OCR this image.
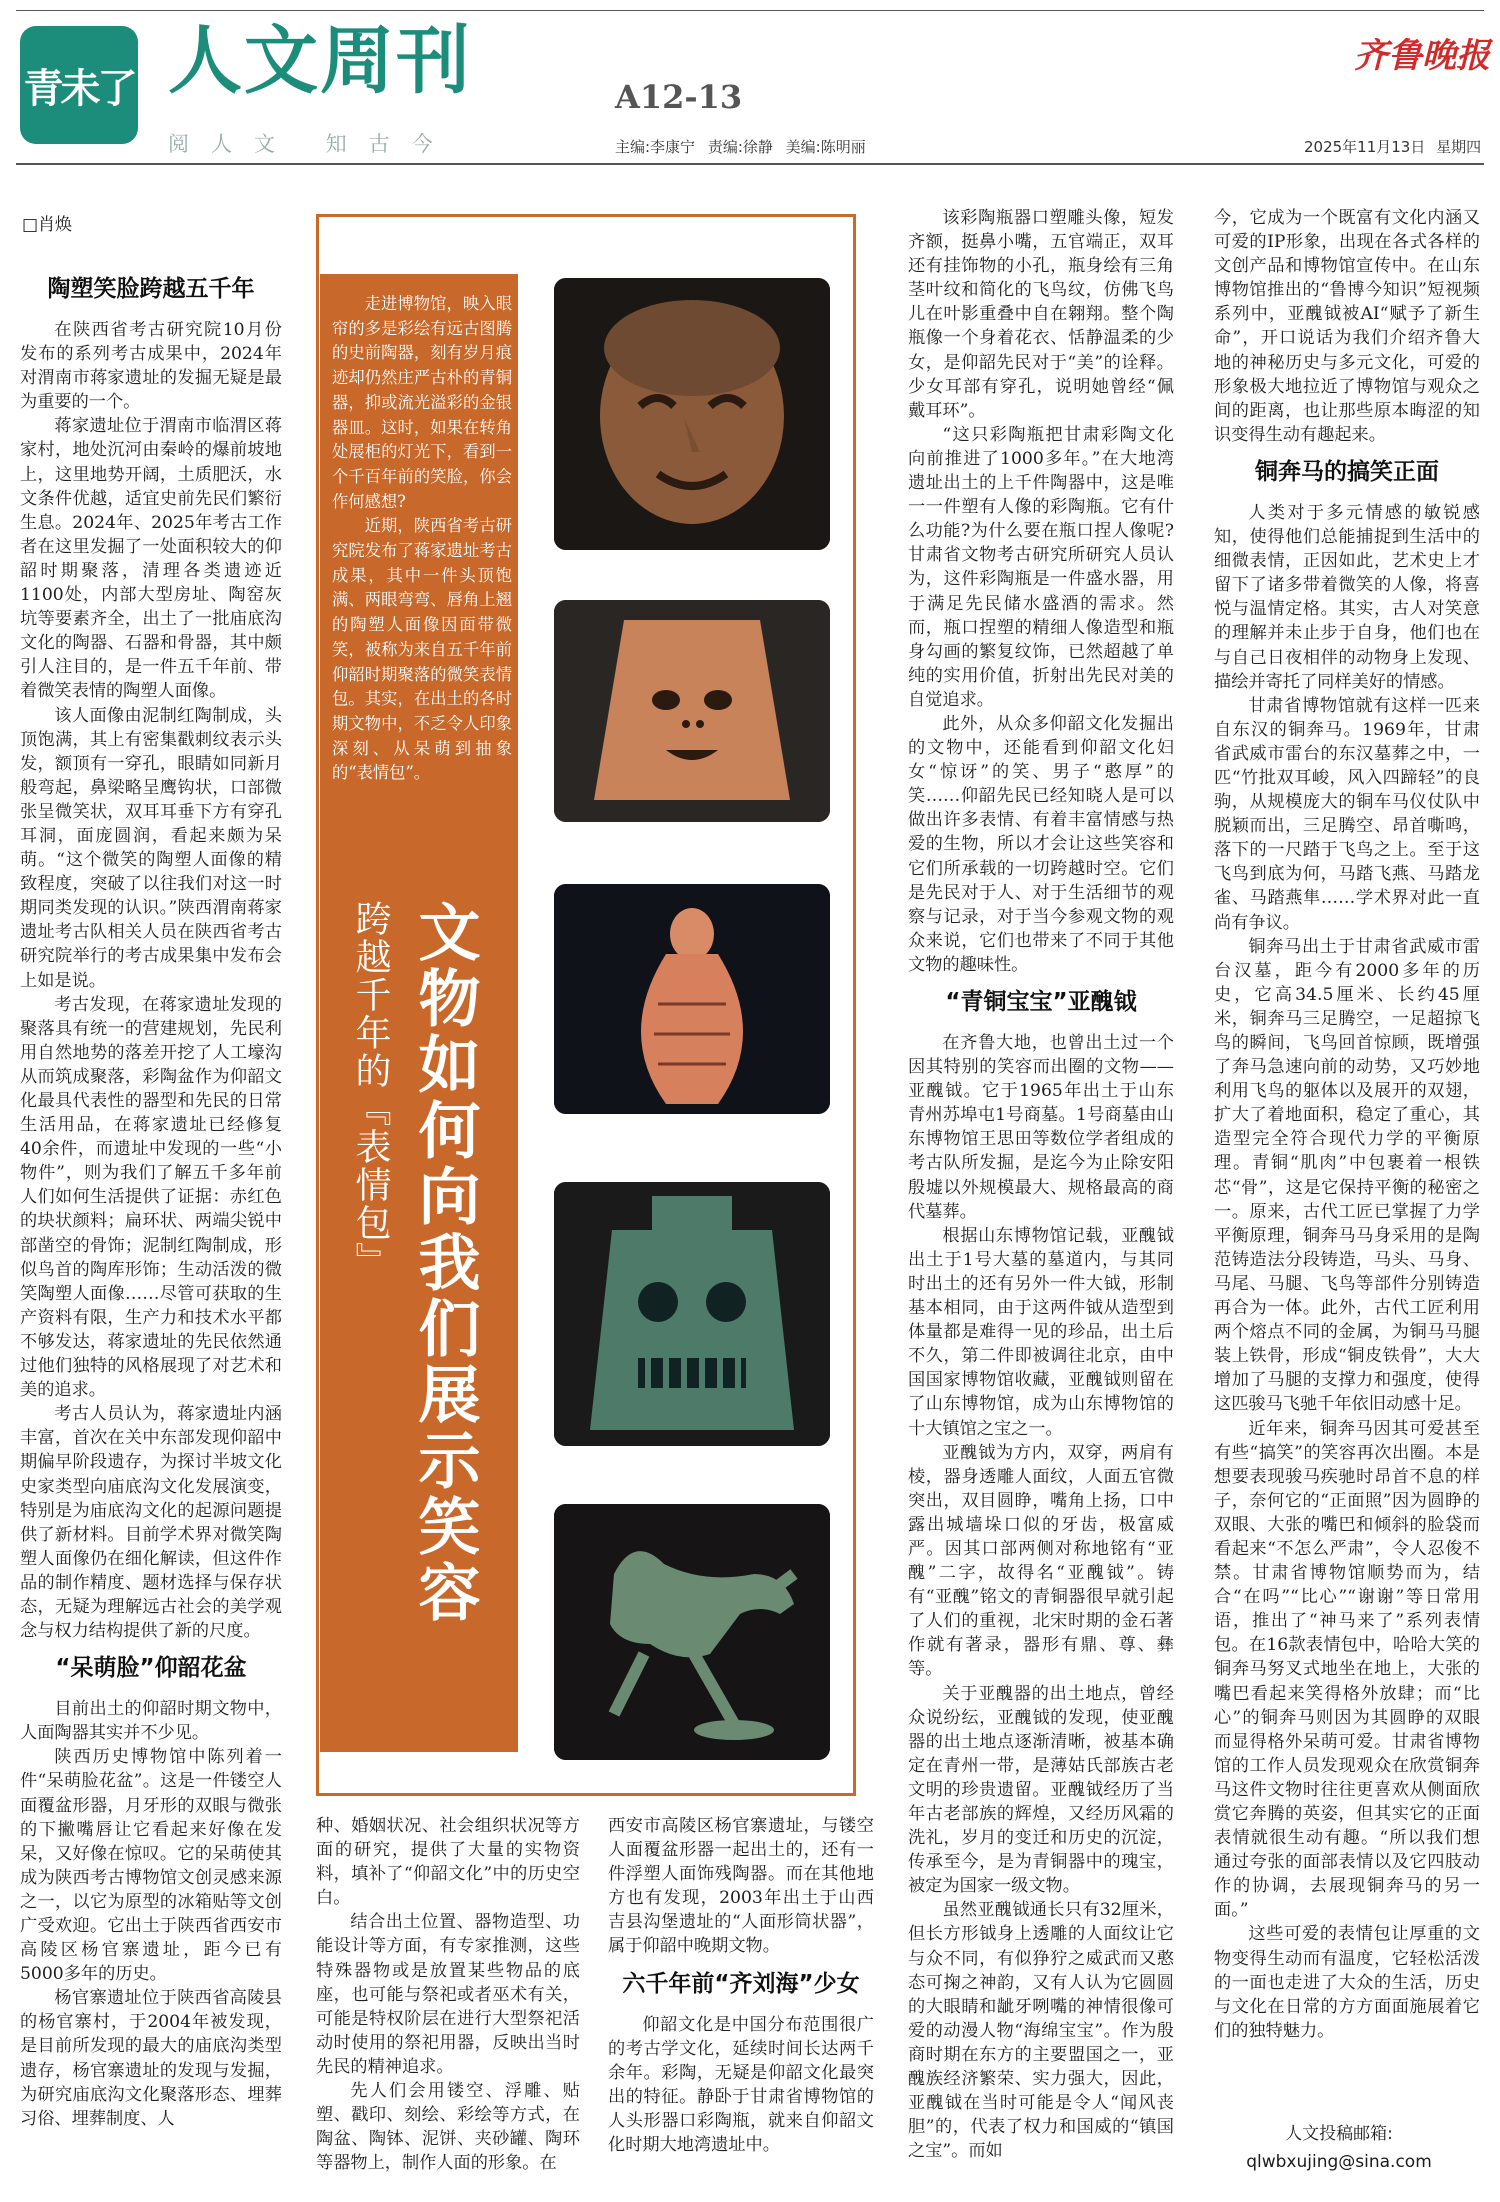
青未了 人文周刊
阅人文 知古今
A12-13
主编:李康宁 责编:徐静 美编:陈明丽	2025年11月13日 星期四
齐鲁晚报
□肖焕
陶塑笑脸跨越五千年

在陕西省考古研究院10月份发布的系列考古成果中，2024年对渭南市蒋家遗址的发掘无疑是最为重要的一个。

蒋家遗址位于渭南市临渭区蒋家村，地处沉河由秦岭的爆前坡地上，这里地势开阔，土质肥沃，水文条件优越，适宜史前先民们繁衍生息。2024年、2025年考古工作者在这里发掘了一处面积较大的仰韶时期聚落，清理各类遗迹近1100处，内部大型房址、陶窑灰坑等要素齐全，出土了一批庙底沟文化的陶器、石器和骨器，其中颇引人注目的，是一件五千年前、带着微笑表情的陶塑人面像。

该人面像由泥制红陶制成，头顶饱满，其上有密集戳刺纹表示头发，额顶有一穿孔，眼睛如同新月般弯起，鼻梁略呈鹰钩状，口部微张呈微笑状，双耳耳垂下方有穿孔耳洞，面庞圆润，看起来颇为呆萌。“这个微笑的陶塑人面像的精致程度，突破了以往我们对这一时期同类发现的认识。”陕西渭南蒋家遗址考古队相关人员在陕西省考古研究院举行的考古成果集中发布会上如是说。

考古发现，在蒋家遗址发现的聚落具有统一的营建规划，先民利用自然地势的落差开挖了人工壕沟从而筑成聚落，彩陶盆作为仰韶文化最具代表性的器型和先民的日常生活用品，在蒋家遗址已经修复40余件，而遗址中发现的一些“小物件”，则为我们了解五千多年前人们如何生活提供了证据：赤红色的块状颜料；扁环状、两端尖锐中部凿空的骨饰；泥制红陶制成，形似鸟首的陶库形饰；生动活泼的微笑陶塑人面像……尽管可获取的生产资料有限，生产力和技术水平都不够发达，蒋家遗址的先民依然通过他们独特的风格展现了对艺术和美的追求。

考古人员认为，蒋家遗址内涵丰富，首次在关中东部发现仰韶中期偏早阶段遗存，为探讨半坡文化史家类型向庙底沟文化发展演变，特别是为庙底沟文化的起源问题提供了新材料。目前学术界对微笑陶塑人面像仍在细化解读，但这件作品的制作精度、题材选择与保存状态，无疑为理解远古社会的美学观念与权力结构提供了新的尺度。

“呆萌脸”仰韶花盆

目前出土的仰韶时期文物中，人面陶器其实并不少见。

陕西历史博物馆中陈列着一件“呆萌脸花盆”。这是一件镂空人面覆盆形器，月牙形的双眼与微张的下撇嘴唇让它看起来好像在发呆，又好像在惊叹。它的呆萌使其成为陕西考古博物馆文创灵感来源之一，以它为原型的冰箱贴等文创广受欢迎。它出土于陕西省西安市高陵区杨官寨遗址，距今已有5000多年的历史。

杨官寨遗址位于陕西省高陵县的杨官寨村，于2004年被发现，是目前所发现的最大的庙底沟类型遗存，杨官寨遗址的发现与发掘，为研究庙底沟文化聚落形态、埋葬习俗、埋葬制度、人

走进博物馆，映入眼帘的多是彩绘有远古图腾的史前陶器，刻有岁月痕迹却仍然庄严古朴的青铜器，抑或流光溢彩的金银器皿。这时，如果在转角处展柜的灯光下，看到一个千百年前的笑脸，你会作何感想?

近期，陕西省考古研究院发布了蒋家遗址考古成果，其中一件头顶饱满、两眼弯弯、唇角上翘的陶塑人面像因面带微笑，被称为来自五千年前仰韶时期聚落的微笑表情包。其实，在出土的各时期文物中，不乏令人印象深刻、从呆萌到抽象的“表情包”。

文物如何向我们展示笑容
跨越千年的『表情包』

种、婚姻状况、社会组织状况等方面的研究，提供了大量的实物资料，填补了“仰韶文化”中的历史空白。

结合出土位置、器物造型、功能设计等方面，有专家推测，这些特殊器物或是放置某些物品的底座，也可能与祭祀或者巫术有关，可能是特权阶层在进行大型祭祀活动时使用的祭祀用器，反映出当时先民的精神追求。

先人们会用镂空、浮雕、贴塑、戳印、刻绘、彩绘等方式，在陶盆、陶钵、泥饼、夹砂罐、陶环等器物上，制作人面的形象。在

西安市高陵区杨官寨遗址，与镂空人面覆盆形器一起出土的，还有一件浮塑人面饰残陶器。而在其他地方也有发现，2003年出土于山西吉县沟堡遗址的“人面形筒状器”，属于仰韶中晚期文物。

六千年前“齐刘海”少女

仰韶文化是中国分布范围很广的考古学文化，延续时间长达两千余年。彩陶，无疑是仰韶文化最突出的特征。静卧于甘肃省博物馆的人头形器口彩陶瓶，就来自仰韶文化时期大地湾遗址中。

该彩陶瓶器口塑雕头像，短发齐额，挺鼻小嘴，五官端正，双耳还有挂饰物的小孔，瓶身绘有三角茎叶纹和简化的飞鸟纹，仿佛飞鸟儿在叶影重叠中自在翱翔。整个陶瓶像一个身着花衣、恬静温柔的少女，是仰韶先民对于“美”的诠释。少女耳部有穿孔，说明她曾经“佩戴耳环”。

“这只彩陶瓶把甘肃彩陶文化向前推进了1000多年。”在大地湾遗址出土的上千件陶器中，这是唯一一件塑有人像的彩陶瓶。它有什么功能?为什么要在瓶口捏人像呢?甘肃省文物考古研究所研究人员认为，这件彩陶瓶是一件盛水器，用于满足先民储水盛酒的需求。然而，瓶口捏塑的精细人像造型和瓶身勾画的繁复纹饰，已然超越了单纯的实用价值，折射出先民对美的自觉追求。

此外，从众多仰韶文化发掘出的文物中，还能看到仰韶文化妇女“惊讶”的笑、男子“憨厚”的笑……仰韶先民已经知晓人是可以做出许多表情、有着丰富情感与热爱的生物，所以才会让这些笑容和它们所承载的一切跨越时空。它们是先民对于人、对于生活细节的观察与记录，对于当今参观文物的观众来说，它们也带来了不同于其他文物的趣味性。

“青铜宝宝”亚醜钺

在齐鲁大地，也曾出土过一个因其特别的笑容而出圈的文物——亚醜钺。它于1965年出土于山东青州苏埠屯1号商墓。1号商墓由山东博物馆王思田等数位学者组成的考古队所发掘，是迄今为止除安阳殷墟以外规模最大、规格最高的商代墓葬。

根据山东博物馆记载，亚醜钺出土于1号大墓的墓道内，与其同时出土的还有另外一件大钺，形制基本相同，由于这两件钺从造型到体量都是难得一见的珍品，出土后不久，第二件即被调往北京，由中国国家博物馆收藏，亚醜钺则留在了山东博物馆，成为山东博物馆的十大镇馆之宝之一。

亚醜钺为方内，双穿，两肩有棱，器身透雕人面纹，人面五官微突出，双目圆睁，嘴角上扬，口中露出城墙垛口似的牙齿，极富威严。因其口部两侧对称地铭有“亚醜”二字，故得名“亚醜钺”。铸有“亚醜”铭文的青铜器很早就引起了人们的重视，北宋时期的金石著作就有著录，器形有鼎、尊、彝等。

关于亚醜器的出土地点，曾经众说纷纭，亚醜钺的发现，使亚醜器的出土地点逐渐清晰，被基本确定在青州一带，是薄姑氏部族古老文明的珍贵遗留。亚醜钺经历了当年古老部族的辉煌，又经历风霜的洗礼，岁月的变迁和历史的沉淀，传承至今，是为青铜器中的瑰宝，被定为国家一级文物。

虽然亚醜钺通长只有32厘米，但长方形钺身上透雕的人面纹让它与众不同，有似狰狞之威武而又憨态可掬之神韵，又有人认为它圆圆的大眼睛和龇牙咧嘴的神情很像可爱的动漫人物“海绵宝宝”。作为殷商时期在东方的主要盟国之一，亚醜族经济繁荣、实力强大，因此，亚醜钺在当时可能是令人“闻风丧胆”的，代表了权力和国威的“镇国之宝”。而如

今，它成为一个既富有文化内涵又可爱的IP形象，出现在各式各样的文创产品和博物馆宣传中。在山东博物馆推出的“鲁博今知识”短视频系列中，亚醜钺被AI“赋予了新生命”，开口说话为我们介绍齐鲁大地的神秘历史与多元文化，可爱的形象极大地拉近了博物馆与观众之间的距离，也让那些原本晦涩的知识变得生动有趣起来。

铜奔马的搞笑正面

人类对于多元情感的敏锐感知，使得他们总能捕捉到生活中的细微表情，正因如此，艺术史上才留下了诸多带着微笑的人像，将喜悦与温情定格。其实，古人对笑意的理解并未止步于自身，他们也在与自己日夜相伴的动物身上发现、描绘并寄托了同样美好的情感。

甘肃省博物馆就有这样一匹来自东汉的铜奔马。1969年，甘肃省武威市雷台的东汉墓葬之中，一匹“竹批双耳峻，风入四蹄轻”的良驹，从规模庞大的铜车马仪仗队中脱颖而出，三足腾空、昂首嘶鸣，落下的一尺踏于飞鸟之上。至于这飞鸟到底为何，马踏飞燕、马踏龙雀、马踏燕隼……学术界对此一直尚有争议。

铜奔马出土于甘肃省武威市雷台汉墓，距今有2000多年的历史，它高34.5厘米、长约45厘米，铜奔马三足腾空，一足超掠飞鸟的瞬间，飞鸟回首惊顾，既增强了奔马急速向前的动势，又巧妙地利用飞鸟的躯体以及展开的双翅，扩大了着地面积，稳定了重心，其造型完全符合现代力学的平衡原理。青铜“肌肉”中包裹着一根铁芯“骨”，这是它保持平衡的秘密之一。原来，古代工匠已掌握了力学平衡原理，铜奔马马身采用的是陶范铸造法分段铸造，马头、马身、马尾、马腿、飞鸟等部件分别铸造再合为一体。此外，古代工匠利用两个熔点不同的金属，为铜马马腿装上铁骨，形成“铜皮铁骨”，大大增加了马腿的支撑力和强度，使得这匹骏马飞驰千年依旧动感十足。

近年来，铜奔马因其可爱甚至有些“搞笑”的笑容再次出圈。本是想要表现骏马疾驰时昂首不息的样子，奈何它的“正面照”因为圆睁的双眼、大张的嘴巴和倾斜的脸袋而看起来“不怎么严肃”，令人忍俊不禁。甘肃省博物馆顺势而为，结合“在吗”“比心”“谢谢”等日常用语，推出了“神马来了”系列表情包。在16款表情包中，哈哈大笑的铜奔马努叉式地坐在地上，大张的嘴巴看起来笑得格外放肆；而“比心”的铜奔马则因为其圆睁的双眼而显得格外呆萌可爱。甘肃省博物馆的工作人员发现观众在欣赏铜奔马这件文物时往往更喜欢从侧面欣赏它奔腾的英姿，但其实它的正面表情就很生动有趣。“所以我们想通过夸张的面部表情以及它四肢动作的协调，去展现铜奔马的另一面。”

这些可爱的表情包让厚重的文物变得生动而有温度，它轻松活泼的一面也走进了大众的生活，历史与文化在日常的方方面面施展着它们的独特魅力。

人文投稿邮箱:
qlwbxujing@sina.com
